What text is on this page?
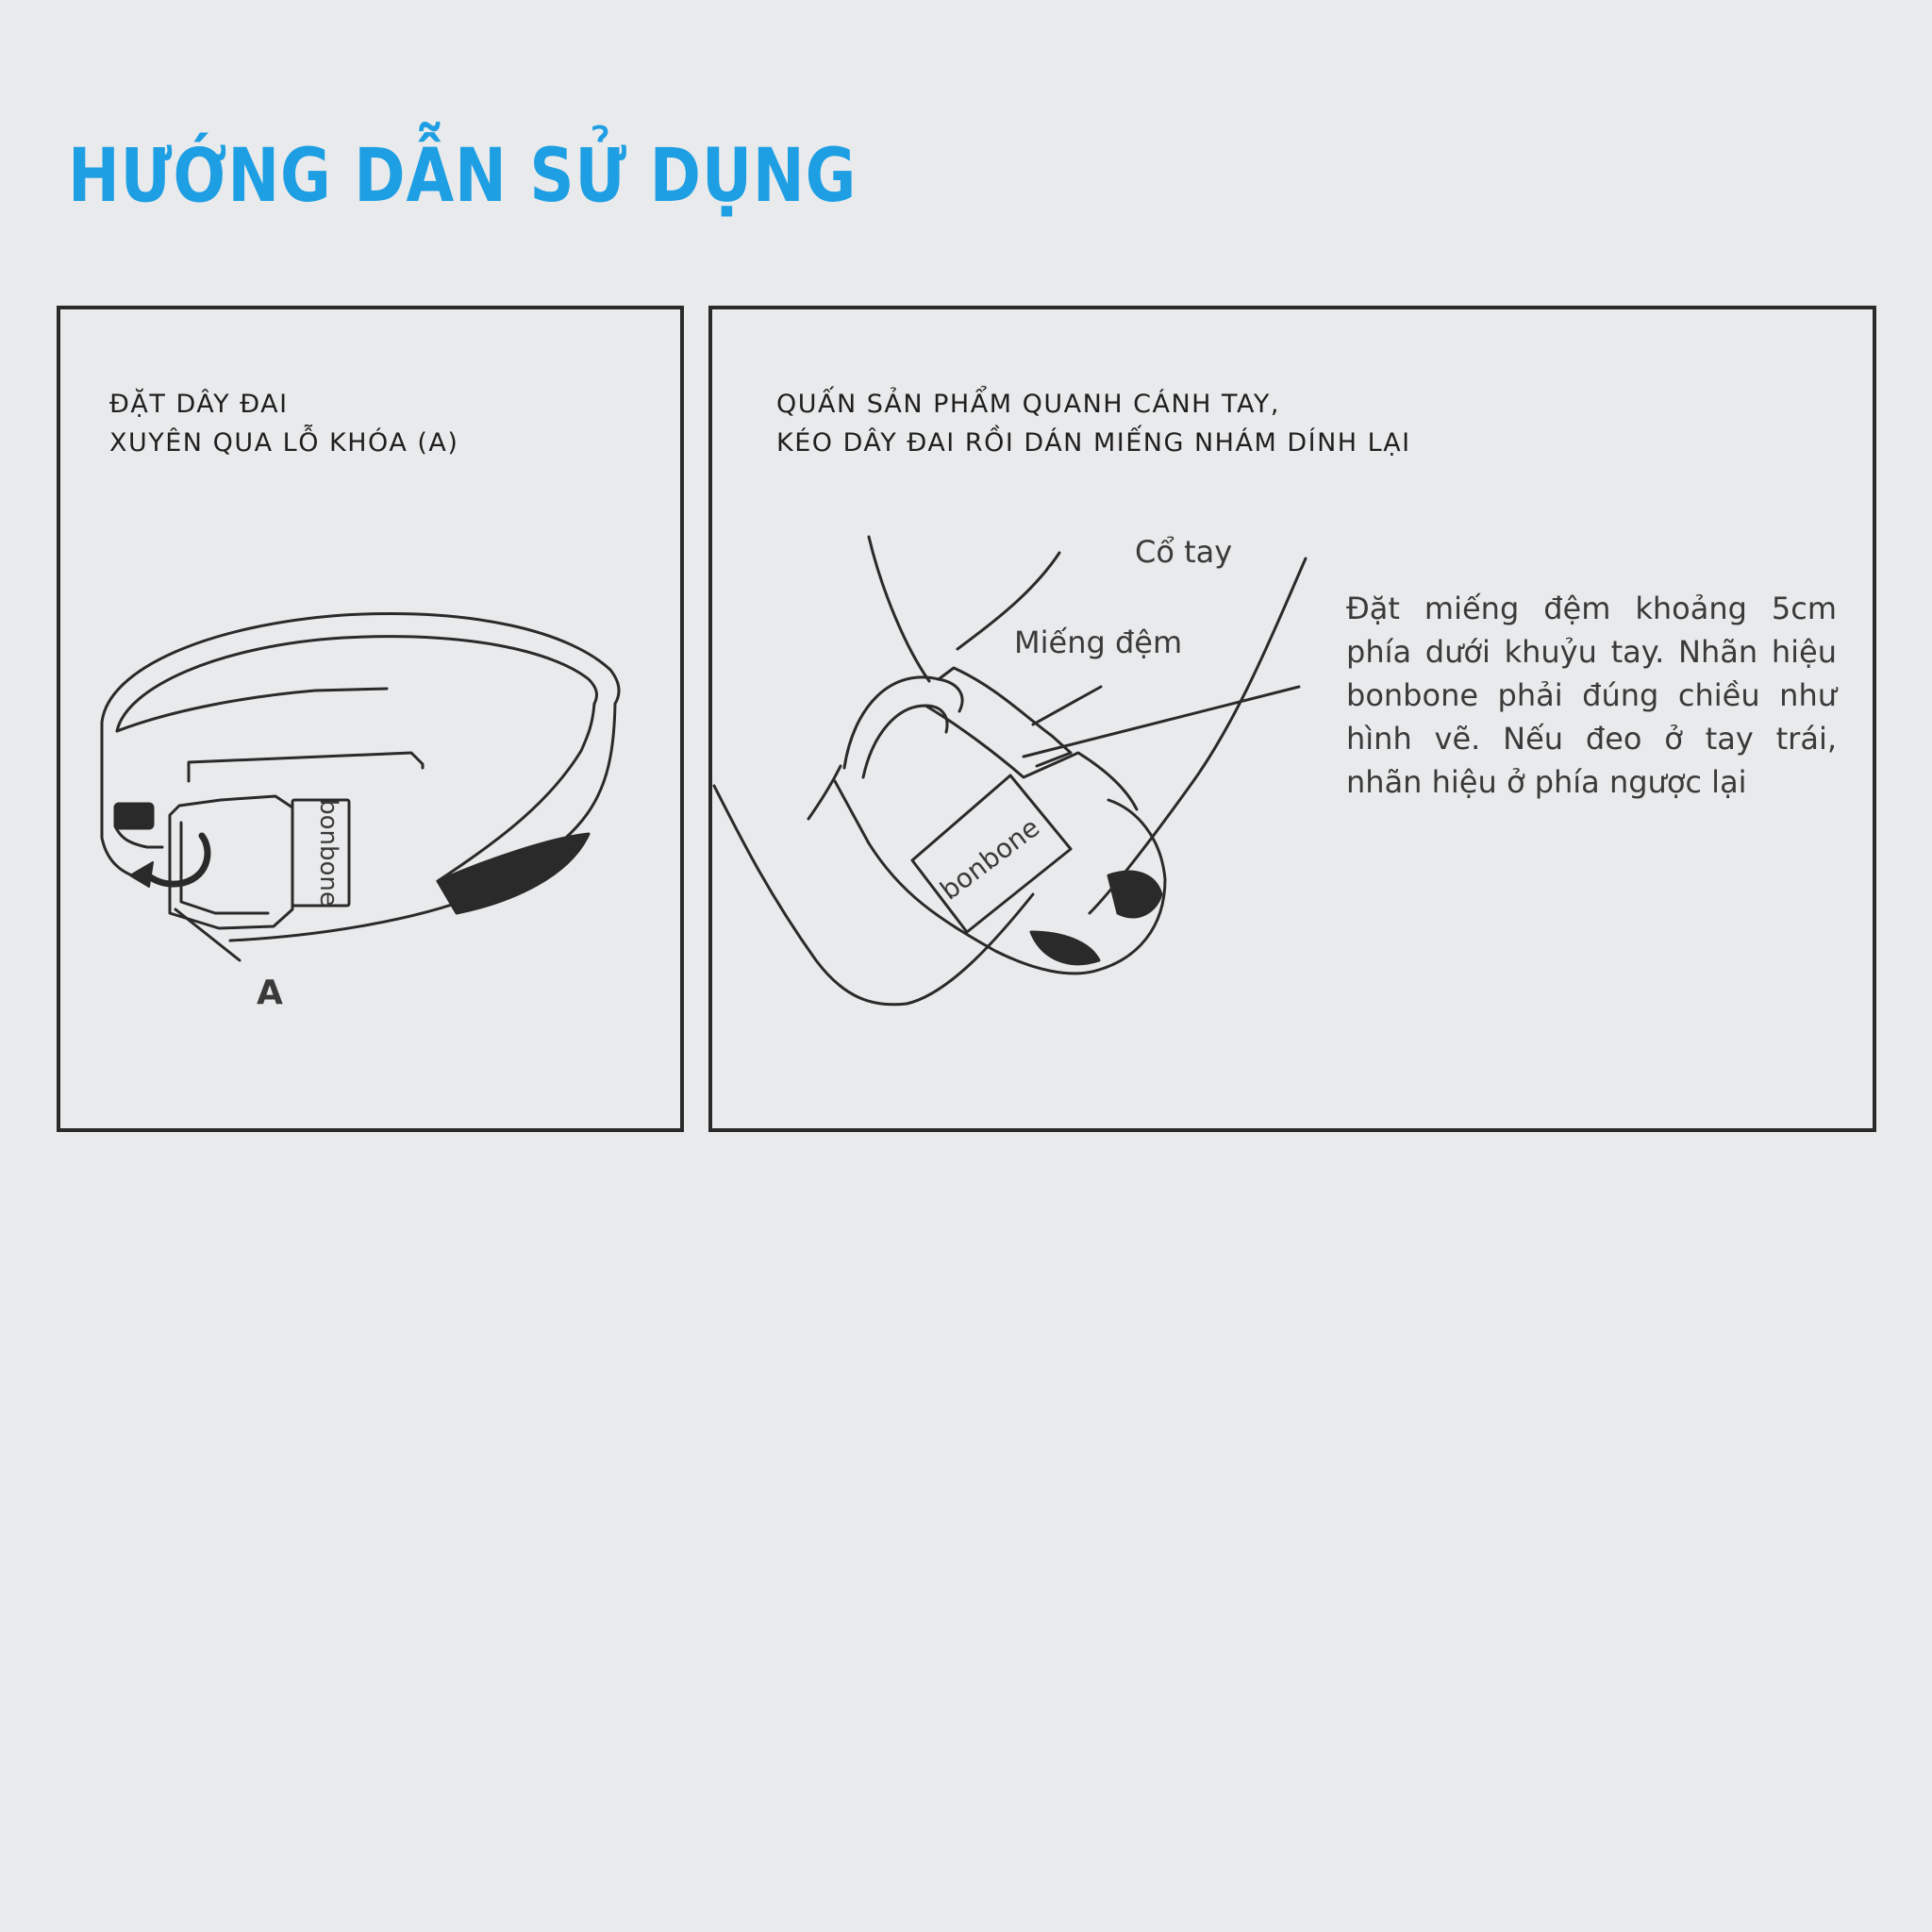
HƯỚNG DẪN SỬ DỤNG

ĐẶT DÂY ĐAI
XUYÊN QUA LỖ KHÓA (A)

bonbone
A

QUẤN SẢN PHẨM QUANH CÁNH TAY,
KÉO DÂY ĐAI RỒI DÁN MIẾNG NHÁM DÍNH LẠI

bonbone
Cổ tay
Miếng đệm

Đặt miếng đệm khoảng 5cm phía dưới khuỷu tay. Nhãn hiệu bonbone phải đúng chiều như hình vẽ. Nếu đeo ở tay trái, nhãn hiệu ở phía ngược lại
